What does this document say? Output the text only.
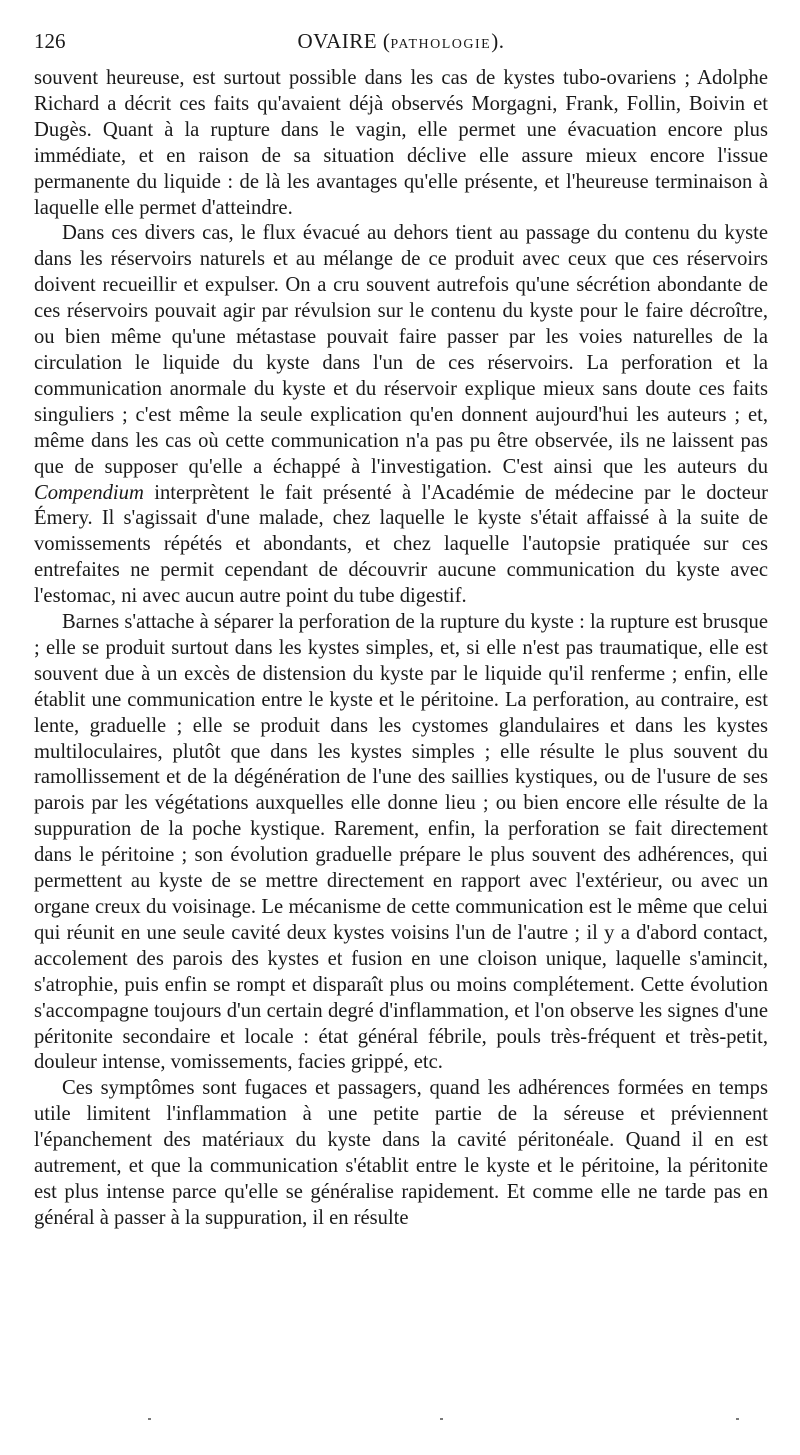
126	OVAIRE (PATHOLOGIE).

souvent heureuse, est surtout possible dans les cas de kystes tubo-ovariens ; Adolphe Richard a décrit ces faits qu'avaient déjà observés Morgagni, Frank, Follin, Boivin et Dugès. Quant à la rupture dans le vagin, elle permet une évacuation encore plus immédiate, et en raison de sa situation déclive elle assure mieux encore l'issue permanente du liquide : de là les avantages qu'elle présente, et l'heureuse terminaison à laquelle elle permet d'atteindre.

Dans ces divers cas, le flux évacué au dehors tient au passage du contenu du kyste dans les réservoirs naturels et au mélange de ce produit avec ceux que ces réservoirs doivent recueillir et expulser. On a cru souvent autrefois qu'une sécrétion abondante de ces réservoirs pouvait agir par révulsion sur le contenu du kyste pour le faire décroître, ou bien même qu'une métastase pouvait faire passer par les voies naturelles de la circulation le liquide du kyste dans l'un de ces réservoirs. La perforation et la communication anormale du kyste et du réservoir explique mieux sans doute ces faits singuliers ; c'est même la seule explication qu'en donnent aujourd'hui les auteurs ; et, même dans les cas où cette communication n'a pas pu être observée, ils ne laissent pas que de supposer qu'elle a échappé à l'investigation. C'est ainsi que les auteurs du Compendium interprètent le fait présenté à l'Académie de médecine par le docteur Émery. Il s'agissait d'une malade, chez laquelle le kyste s'était affaissé à la suite de vomissements répétés et abondants, et chez laquelle l'autopsie pratiquée sur ces entrefaites ne permit cependant de découvrir aucune communication du kyste avec l'estomac, ni avec aucun autre point du tube digestif.

Barnes s'attache à séparer la perforation de la rupture du kyste : la rupture est brusque ; elle se produit surtout dans les kystes simples, et, si elle n'est pas traumatique, elle est souvent due à un excès de distension du kyste par le liquide qu'il renferme ; enfin, elle établit une communication entre le kyste et le péritoine. La perforation, au contraire, est lente, graduelle ; elle se produit dans les cystomes glandulaires et dans les kystes multiloculaires, plutôt que dans les kystes simples ; elle résulte le plus souvent du ramollissement et de la dégénération de l'une des saillies kystiques, ou de l'usure de ses parois par les végétations auxquelles elle donne lieu ; ou bien encore elle résulte de la suppuration de la poche kystique. Rarement, enfin, la perforation se fait directement dans le péritoine ; son évolution graduelle prépare le plus souvent des adhérences, qui permettent au kyste de se mettre directement en rapport avec l'extérieur, ou avec un organe creux du voisinage. Le mécanisme de cette communication est le même que celui qui réunit en une seule cavité deux kystes voisins l'un de l'autre ; il y a d'abord contact, accolement des parois des kystes et fusion en une cloison unique, laquelle s'amincit, s'atrophie, puis enfin se rompt et disparaît plus ou moins complétement. Cette évolution s'accompagne toujours d'un certain degré d'inflammation, et l'on observe les signes d'une péritonite secondaire et locale : état général fébrile, pouls très-fréquent et très-petit, douleur intense, vomissements, facies grippé, etc.

Ces symptômes sont fugaces et passagers, quand les adhérences formées en temps utile limitent l'inflammation à une petite partie de la séreuse et préviennent l'épanchement des matériaux du kyste dans la cavité péritonéale. Quand il en est autrement, et que la communication s'établit entre le kyste et le péritoine, la péritonite est plus intense parce qu'elle se généralise rapidement. Et comme elle ne tarde pas en général à passer à la suppuration, il en résulte
